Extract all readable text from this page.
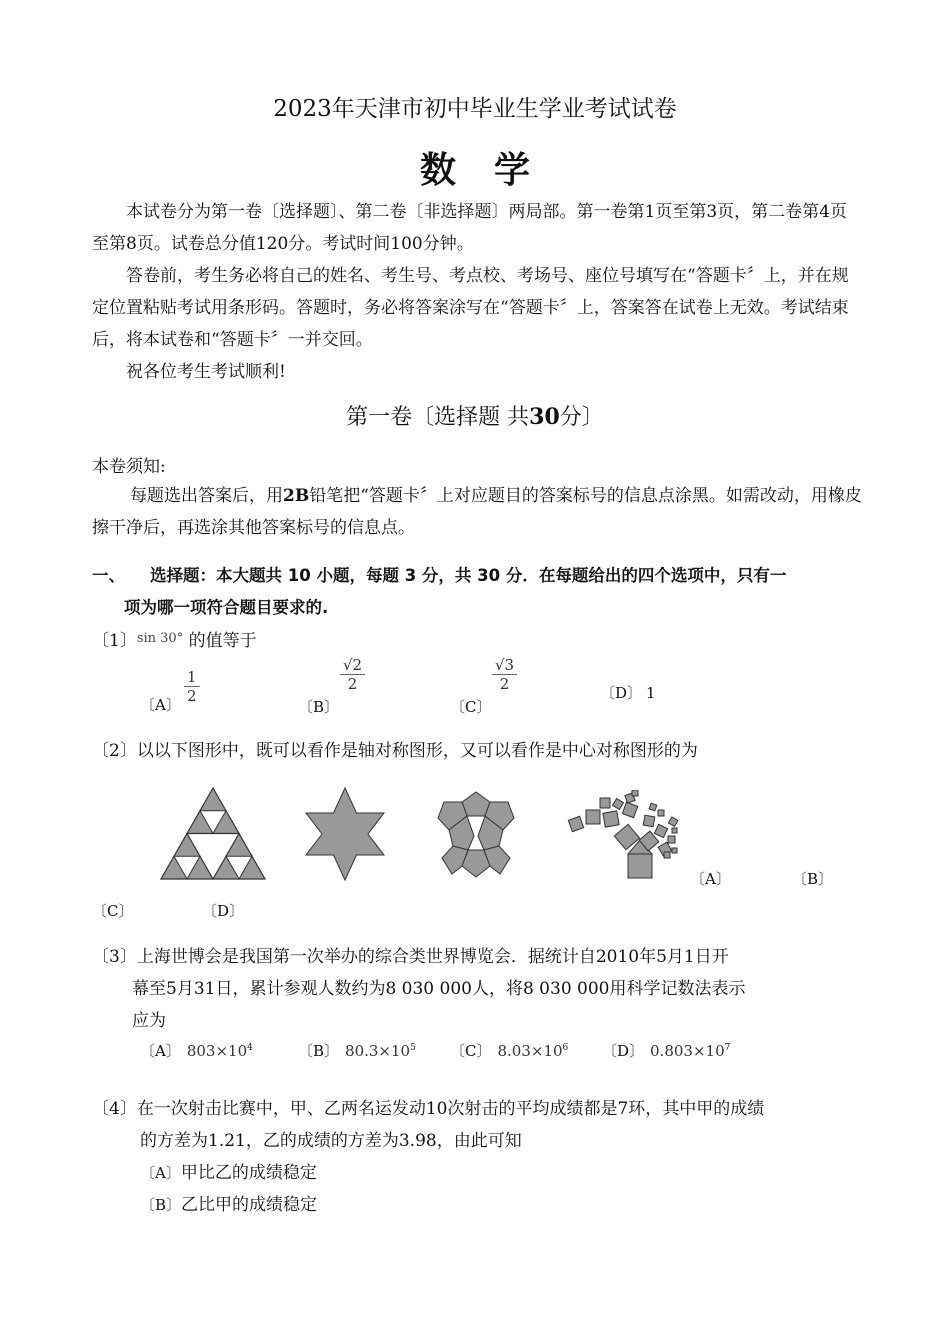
2023年天津市初中毕业生学业考试试卷
数学
本试卷分为第一卷〔选择题〕、第二卷〔非选择题〕两局部。第一卷第1页至第3页，第二卷第4页至第8页。试卷总分值120分。考试时间100分钟。
答卷前，考生务必将自己的姓名、考生号、考点校、考场号、座位号填写在“答题卡〞上，并在规定位置粘贴考试用条形码。答题时，务必将答案涂写在“答题卡〞上，答案答在试卷上无效。考试结束后，将本试卷和“答题卡〞一并交回。
祝各位考生考试顺利!
第一卷〔选择题 共30分〕
本卷须知:
每题选出答案后，用2B铅笔把“答题卡〞上对应题目的答案标号的信息点涂黑。如需改动，用橡皮擦干净后，再选涂其他答案标号的信息点。
一、 选择题：本大题共 10 小题，每题 3 分，共 30 分．在每题给出的四个选项中，只有一
项为哪一项符合题目要求的.
〔1〕$^{sin 30^\circ}$ 的值等于
〔A〕 $\frac{1}{2}$
〔B〕
$\frac{√2}{2}$
〔C〕
$\frac{√3}{2}$	〔D〕 1
〔2〕以以下图形中，既可以看作是轴对称图形，又可以看作是中心对称图形的为
〔A〕	〔B〕
〔C〕	〔D〕
〔3〕上海世博会是我国第一次举办的综合类世界博览会．据统计自2010年5月1日开
幕至5月31日，累计参观人数约为8 030 000人，将8 030 000用科学记数法表示
应为
〔A〕 $803\times 10^4$	〔B〕 $80.3\times 10^5$ 〔C〕 $8.03\times 10^6$ 〔D〕 $0.803\times 10^7$
〔4〕在一次射击比赛中，甲、乙两名运发动10次射击的平均成绩都是7环，其中甲的成绩
的方差为1.21，乙的成绩的方差为3.98，由此可知
〔A〕甲比乙的成绩稳定
〔B〕乙比甲的成绩稳定
